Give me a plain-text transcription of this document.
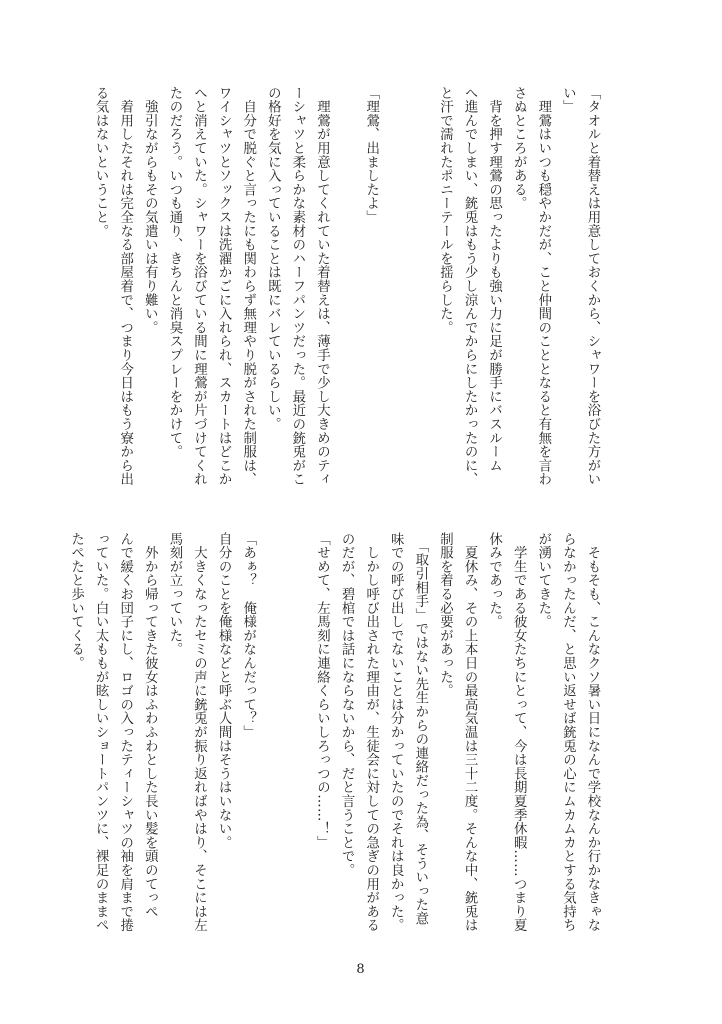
「タオルと着替えは用意しておくから、シャワーを浴びた方がい
い」
　理鶯はいつも穏やかだが、こと仲間のこととなると有無を言わ
さぬところがある。
　背を押す理鶯の思ったよりも強い力に足が勝手にバスルーム
へ進んでしまい、銃兎はもう少し涼んでからにしたかったのに、
と汗で濡れたポニーテールを揺らした。
「理鶯、出ましたよ」
　理鶯が用意してくれていた着替えは、薄手で少し大きめのティ
ーシャツと柔らかな素材のハーフパンツだった。最近の銃兎がこ
の格好を気に入っていることは既にバレているらしい。
　自分で脱ぐと言ったにも関わらず無理やり脱がされた制服は、
ワイシャツとソックスは洗濯かごに入れられ、スカートはどこか
へと消えていた。シャワーを浴びている間に理鶯が片づけてくれ
たのだろう。いつも通り、きちんと消臭スプレーをかけて。
　強引ながらもその気遣いは有り難い。
　着用したそれは完全なる部屋着で、つまり今日はもう寮から出
る気はないということ。
　そもそも、こんなクソ暑い日になんで学校なんか行かなきゃな
らなかったんだ、と思い返せば銃兎の心にムカムカとする気持ち
が湧いてきた。
　学生である彼女たちにとって、今は長期夏季休暇……つまり夏
休みであった。
　夏休み、その上本日の最高気温は三十二度。そんな中、銃兎は
制服を着る必要があった。
　「取引相手」ではない先生からの連絡だった為、そういった意
味での呼び出しでないことは分かっていたのでそれは良かった。
　しかし呼び出された理由が、生徒会に対しての急ぎの用がある
のだが、碧棺では話にならないから、だと言うことで。
「せめて、左馬刻に連絡くらいしろっつの……！」
「あぁ？　俺様がなんだって？」
自分のことを俺様などと呼ぶ人間はそうはいない。
　大きくなったセミの声に銃兎が振り返ればやはり、そこには左
馬刻が立っていた。
　外から帰ってきた彼女はふわふわとした長い髪を頭のてっぺ
んで緩くお団子にし、ロゴの入ったティーシャツの袖を肩まで捲
っていた。白い太ももが眩しいショートパンツに、裸足のままペ
たぺたと歩いてくる。
8
